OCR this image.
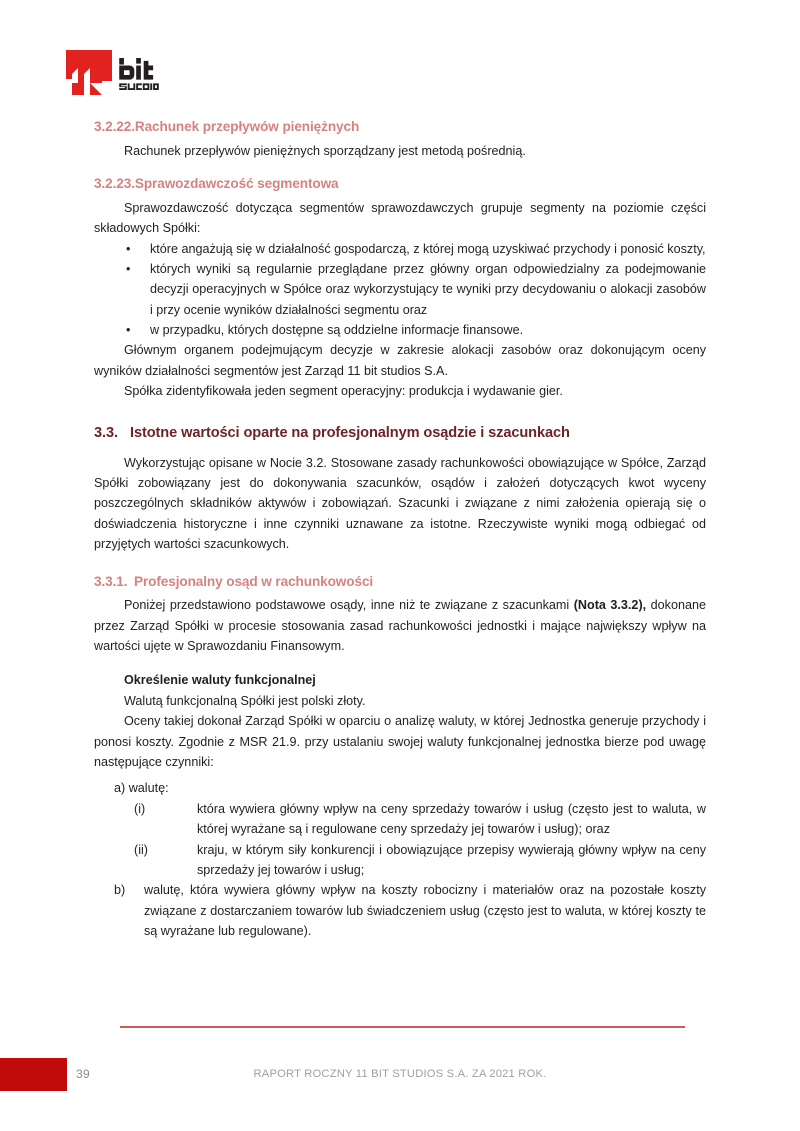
3.2.22.Rachunek przepływów pieniężnych

Rachunek przepływów pieniężnych sporządzany jest metodą pośrednią.

3.2.23.Sprawozdawczość segmentowa

Sprawozdawczość dotycząca segmentów sprawozdawczych grupuje segmenty na poziomie części składowych Spółki:

• które angażują się w działalność gospodarczą, z której mogą uzyskiwać przychody i ponosić koszty,
• których wyniki są regularnie przeglądane przez główny organ odpowiedzialny za podejmowanie decyzji operacyjnych w Spółce oraz wykorzystujący te wyniki przy decydowaniu o alokacji zasobów i przy ocenie wyników działalności segmentu oraz
• w przypadku, których dostępne są oddzielne informacje finansowe.

Głównym organem podejmującym decyzje w zakresie alokacji zasobów oraz dokonującym oceny wyników działalności segmentów jest Zarząd 11 bit studios S.A.

Spółka zidentyfikowała jeden segment operacyjny: produkcja i wydawanie gier.

3.3. Istotne wartości oparte na profesjonalnym osądzie i szacunkach

Wykorzystując opisane w Nocie 3.2. Stosowane zasady rachunkowości obowiązujące w Spółce, Zarząd Spółki zobowiązany jest do dokonywania szacunków, osądów i założeń dotyczących kwot wyceny poszczególnych składników aktywów i zobowiązań. Szacunki i związane z nimi założenia opierają się o doświadczenia historyczne i inne czynniki uznawane za istotne. Rzeczywiste wyniki mogą odbiegać od przyjętych wartości szacunkowych.

3.3.1. Profesjonalny osąd w rachunkowości

Poniżej przedstawiono podstawowe osądy, inne niż te związane z szacunkami (Nota 3.3.2), dokonane przez Zarząd Spółki w procesie stosowania zasad rachunkowości jednostki i mające największy wpływ na wartości ujęte w Sprawozdaniu Finansowym.

Określenie waluty funkcjonalnej

Walutą funkcjonalną Spółki jest polski złoty.

Oceny takiej dokonał Zarząd Spółki w oparciu o analizę waluty, w której Jednostka generuje przychody i ponosi koszty. Zgodnie z MSR 21.9. przy ustalaniu swojej waluty funkcjonalnej jednostka bierze pod uwagę następujące czynniki:

a) walutę:
(i)	która wywiera główny wpływ na ceny sprzedaży towarów i usług (często jest to waluta, w której wyrażane są i regulowane ceny sprzedaży jej towarów i usług); oraz
(ii)	kraju, w którym siły konkurencji i obowiązujące przepisy wywierają główny wpływ na ceny sprzedaży jej towarów i usług;
b) walutę, która wywiera główny wpływ na koszty robocizny i materiałów oraz na pozostałe koszty związane z dostarczaniem towarów lub świadczeniem usług (często jest to waluta, w której koszty te są wyrażane lub regulowane).
39	RAPORT ROCZNY 11 BIT STUDIOS S.A. ZA 2021 ROK.
